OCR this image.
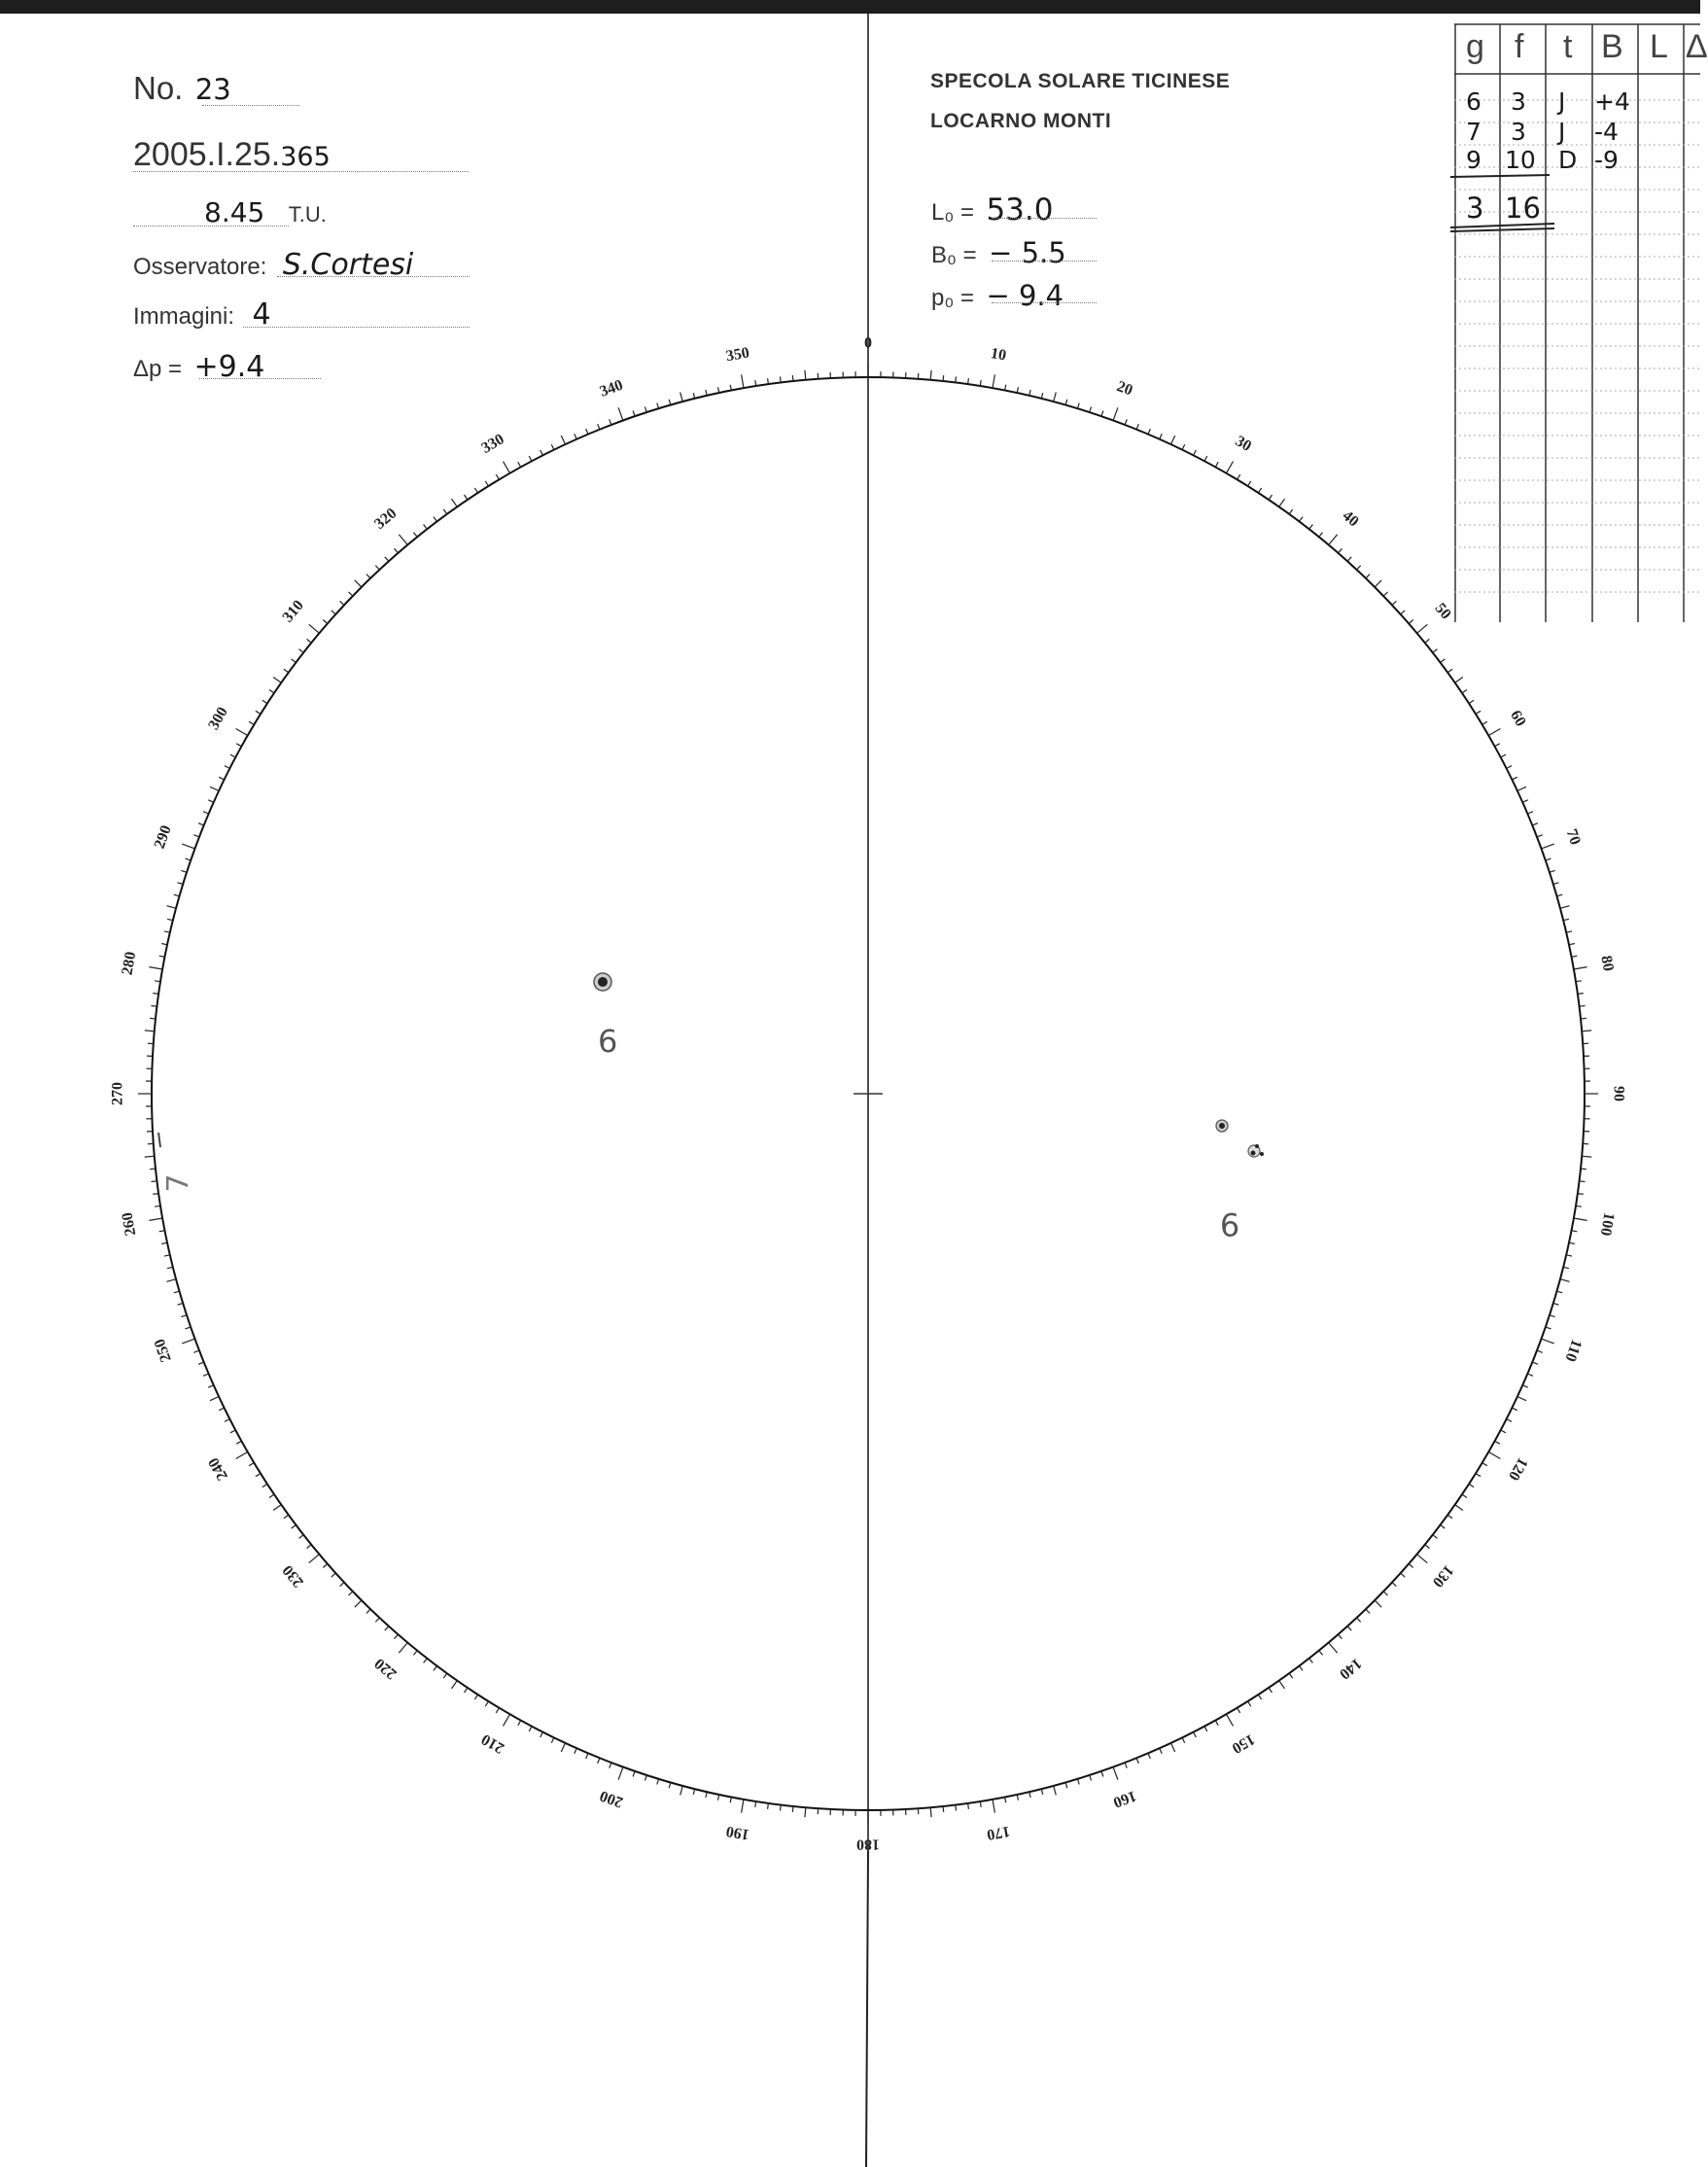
No. 23
2005.I.25.365
8.45 T.U.
Osservatore: S.Cortesi
Immagini: 4
Δp = +9.4
SPECOLA SOLARE TICINESE
LOCARNO MONTI
L₀ = 53.0
B₀ = − 5.5
p₀ = − 9.4
g f t B L Δ
6 3 J +4
7 3 J -4
9 10 D -9
3 16
0
10
20
30
40
50
60
70
80
90
100
110
120
130
140
150
160
170
180
190
200
210
220
230
240
250
260
270
280
290
300
310
320
330
340
350
6
7
9
